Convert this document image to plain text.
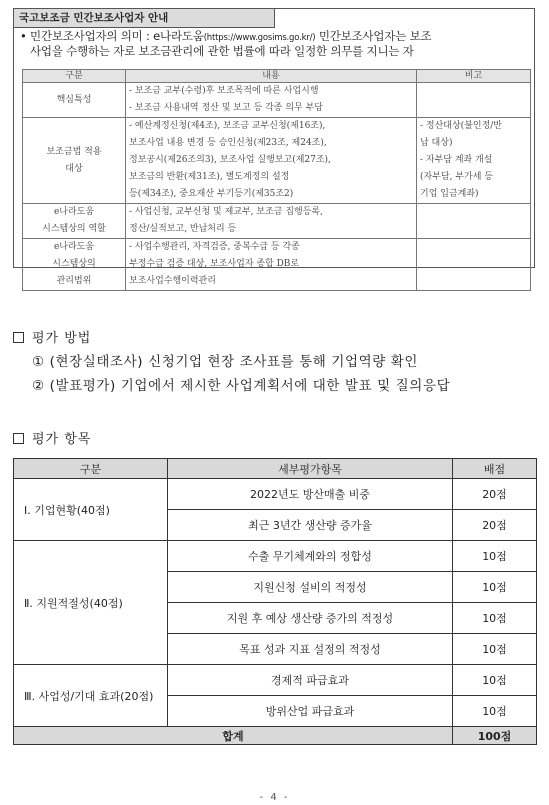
국고보조금 민간보조사업자 안내
• 민간보조사업자의 의미 : e나라도움(https://www.gosims.go.kr/) 민간보조사업자는 보조
사업을 수행하는 자로 보조금관리에 관한 법률에 따라 일정한 의무를 지니는 자
구분	내용	비고

핵심특성	- 보조금 교부(수령)후 보조목적에 따른 사업시행
- 보조금 사용내역 정산 및 보고 등 각종 의무 부담	

보조금법 적용
대상	- 예산계정신청(제4조), 보조금 교부신청(제16조),
보조사업 내용 변경 등 승인신청(제23조, 제24조),
정보공시(제26조의3), 보조사업 실행보고(제27조),
보조금의 반환(제31조), 별도계정의 설정
등(제34조), 중요재산 부기등기(제35조2)	- 정산대상(불인정/반
납 대상)
- 자부담 계좌 개설
(자부담, 부가세 등
기업 입금계좌)

e나라도움
시스템상의 역할	- 사업신청, 교부신청 및 제교부, 보조금 집행등록,
정산/실적보고, 반납처리 등	

e나라도움
시스템상의
관리범위	- 사업수행관리, 자격검증, 중복수급 등 각종
부정수급 검증 대상, 보조사업자 종합 DB로
보조사업수행이력관리	

평가 방법
① (현장실태조사) 신청기업 현장 조사표를 통해 기업역량 확인
② (발표평가) 기업에서 제시한 사업계획서에 대한 발표 및 질의응답
평가 항목
구분	세부평가항목	배점
Ⅰ. 기업현황(40점)	2022년도 방산매출 비중	20점
	최근 3년간 생산량 증가율	20점
Ⅱ. 지원적절성(40점)	수출 무기체계와의 정합성	10점
	지원신청 설비의 적정성	10점
	지원 후 예상 생산량 증가의 적정성	10점
	목표 성과 지표 설정의 적정성	10점
Ⅲ. 사업성/기대 효과(20점)	경제적 파급효과	10점
	방위산업 파급효과	10점
합계		100점
- 4 -
